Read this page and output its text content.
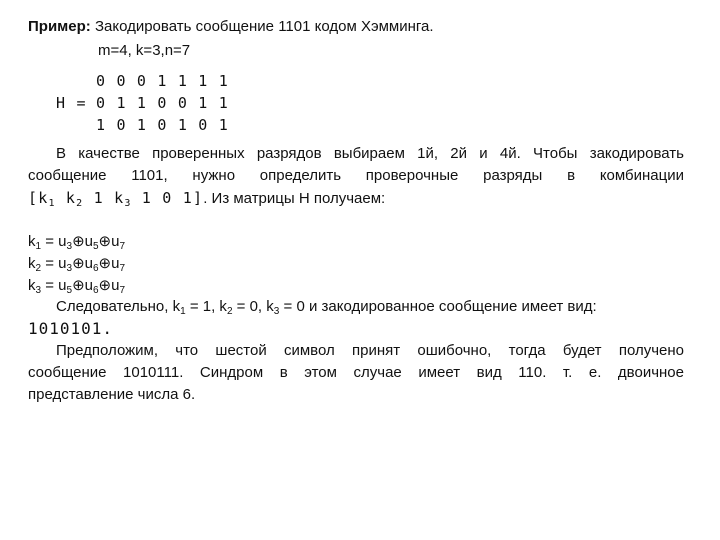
Пример: Закодировать сообщение 1101 кодом Хэмминга.
m=4, k=3,n=7
H =
0 0 0 1 1 1 1
0 1 1 0 0 1 1
1 0 1 0 1 0 1
В качестве проверенных разрядов выбираем 1й, 2й и 4й. Чтобы закодировать
сообщение 1101, нужно определить проверочные разряды в комбинации
[$k_1$ $k_2$ 1 $k_3$ 1 0 1]. Из матрицы H получаем:
$k_1$ = $u_3\oplus u_5\oplus u_7$
$k_2$ = $u_3\oplus u_6\oplus u_7$
$k_3$ = $u_5\oplus u_6\oplus u_7$
Следовательно, $k_1 = 1$, $k_2 = 0$, $k_3 = 0$ и закодированное сообщение имеет вид:
1010101.
Предположим, что шестой символ принят ошибочно, тогда будет получено
сообщение 1010111. Синдром в этом случае имеет вид 110. т. е. двоичное
представление числа 6.
